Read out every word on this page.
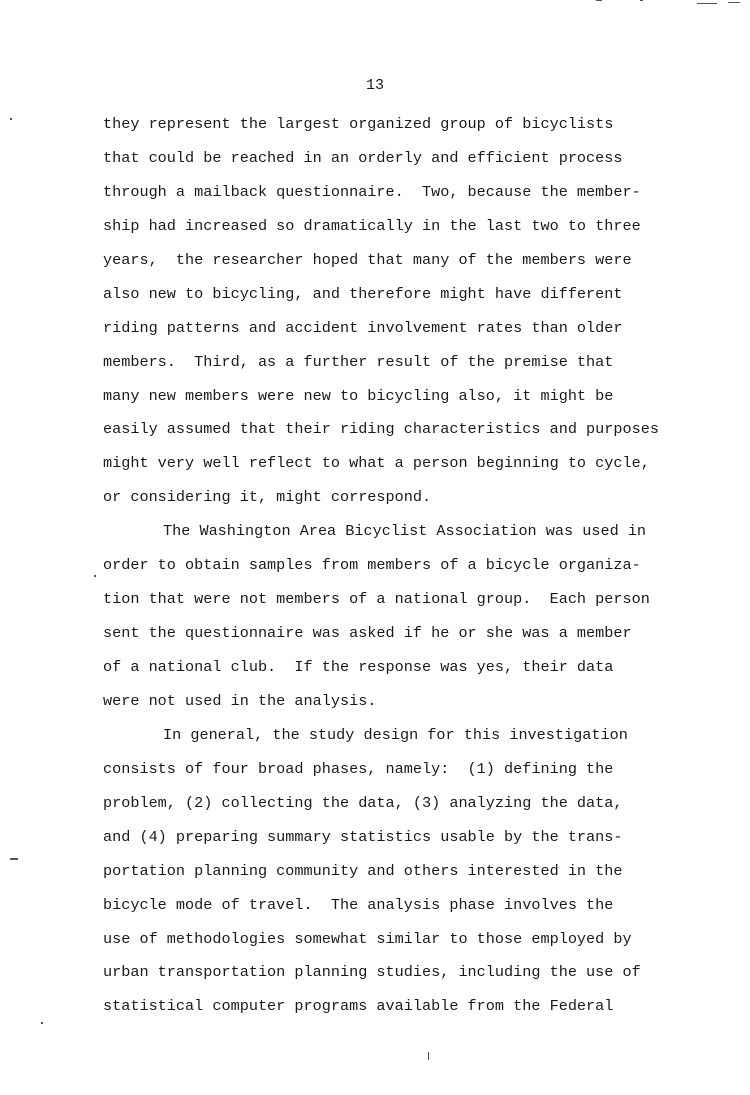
13
they represent the largest organized group of bicyclists
that could be reached in an orderly and efficient process
through a mailback questionnaire.  Two, because the member-
ship had increased so dramatically in the last two to three
years,  the researcher hoped that many of the members were
also new to bicycling, and therefore might have different
riding patterns and accident involvement rates than older
members.  Third, as a further result of the premise that
many new members were new to bicycling also, it might be
easily assumed that their riding characteristics and purposes
might very well reflect to what a person beginning to cycle,
or considering it, might correspond.
The Washington Area Bicyclist Association was used in
order to obtain samples from members of a bicycle organiza-
tion that were not members of a national group.  Each person
sent the questionnaire was asked if he or she was a member
of a national club.  If the response was yes, their data
were not used in the analysis.
In general, the study design for this investigation
consists of four broad phases, namely:  (1) defining the
problem, (2) collecting the data, (3) analyzing the data,
and (4) preparing summary statistics usable by the trans-
portation planning community and others interested in the
bicycle mode of travel.  The analysis phase involves the
use of methodologies somewhat similar to those employed by
urban transportation planning studies, including the use of
statistical computer programs available from the Federal
